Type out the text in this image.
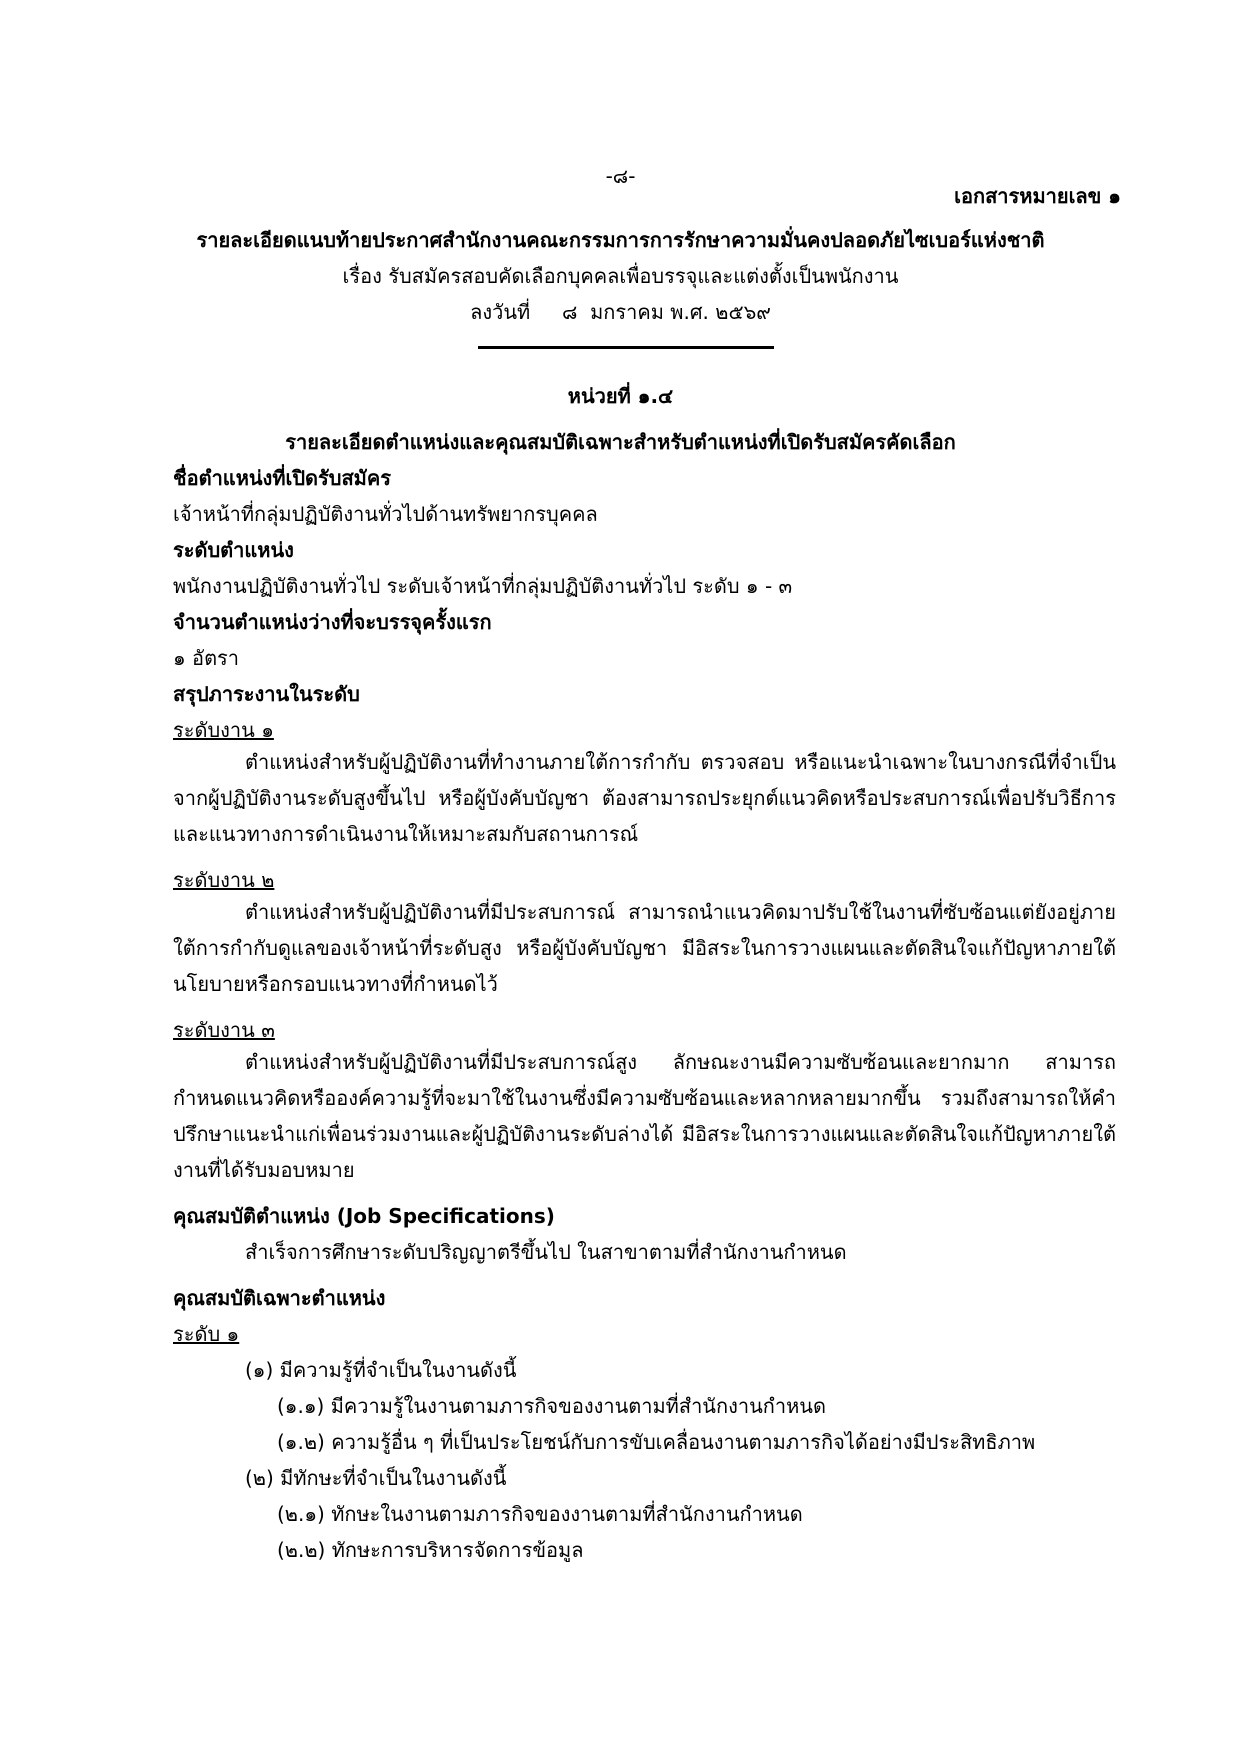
-๘-
เอกสารหมายเลข ๑
รายละเอียดแนบท้ายประกาศสำนักงานคณะกรรมการการรักษาความมั่นคงปลอดภัยไซเบอร์แห่งชาติ
เรื่อง รับสมัครสอบคัดเลือกบุคคลเพื่อบรรจุและแต่งตั้งเป็นพนักงาน
ลงวันที่     ๘  มกราคม พ.ศ. ๒๕๖๙
หน่วยที่ ๑.๔
รายละเอียดตำแหน่งและคุณสมบัติเฉพาะสำหรับตำแหน่งที่เปิดรับสมัครคัดเลือก
ชื่อตำแหน่งที่เปิดรับสมัคร
เจ้าหน้าที่กลุ่มปฏิบัติงานทั่วไปด้านทรัพยากรบุคคล
ระดับตำแหน่ง
พนักงานปฏิบัติงานทั่วไป ระดับเจ้าหน้าที่กลุ่มปฏิบัติงานทั่วไป ระดับ ๑ - ๓
จำนวนตำแหน่งว่างที่จะบรรจุครั้งแรก
๑ อัตรา
สรุปภาระงานในระดับ
ระดับงาน ๑
ตำแหน่งสำหรับผู้ปฏิบัติงานที่ทำงานภายใต้การกำกับ ตรวจสอบ หรือแนะนำเฉพาะในบางกรณีที่จำเป็นจากผู้ปฏิบัติงานระดับสูงขึ้นไป หรือผู้บังคับบัญชา ต้องสามารถประยุกต์แนวคิดหรือประสบการณ์เพื่อปรับวิธีการและแนวทางการดำเนินงานให้เหมาะสมกับสถานการณ์
ระดับงาน ๒
ตำแหน่งสำหรับผู้ปฏิบัติงานที่มีประสบการณ์ สามารถนำแนวคิดมาปรับใช้ในงานที่ซับซ้อนแต่ยังอยู่ภายใต้การกำกับดูแลของเจ้าหน้าที่ระดับสูง หรือผู้บังคับบัญชา มีอิสระในการวางแผนและตัดสินใจแก้ปัญหาภายใต้นโยบายหรือกรอบแนวทางที่กำหนดไว้
ระดับงาน ๓
ตำแหน่งสำหรับผู้ปฏิบัติงานที่มีประสบการณ์สูง ลักษณะงานมีความซับซ้อนและยากมาก สามารถกำหนดแนวคิดหรือองค์ความรู้ที่จะมาใช้ในงานซึ่งมีความซับซ้อนและหลากหลายมากขึ้น รวมถึงสามารถให้คำปรึกษาแนะนำแก่เพื่อนร่วมงานและผู้ปฏิบัติงานระดับล่างได้ มีอิสระในการวางแผนและตัดสินใจแก้ปัญหาภายใต้งานที่ได้รับมอบหมาย
คุณสมบัติตำแหน่ง (Job Specifications)
สำเร็จการศึกษาระดับปริญญาตรีขึ้นไป ในสาขาตามที่สำนักงานกำหนด
คุณสมบัติเฉพาะตำแหน่ง
ระดับ ๑
(๑) มีความรู้ที่จำเป็นในงานดังนี้
(๑.๑) มีความรู้ในงานตามภารกิจของงานตามที่สำนักงานกำหนด
(๑.๒) ความรู้อื่น ๆ ที่เป็นประโยชน์กับการขับเคลื่อนงานตามภารกิจได้อย่างมีประสิทธิภาพ
(๒) มีทักษะที่จำเป็นในงานดังนี้
(๒.๑) ทักษะในงานตามภารกิจของงานตามที่สำนักงานกำหนด
(๒.๒) ทักษะการบริหารจัดการข้อมูล
